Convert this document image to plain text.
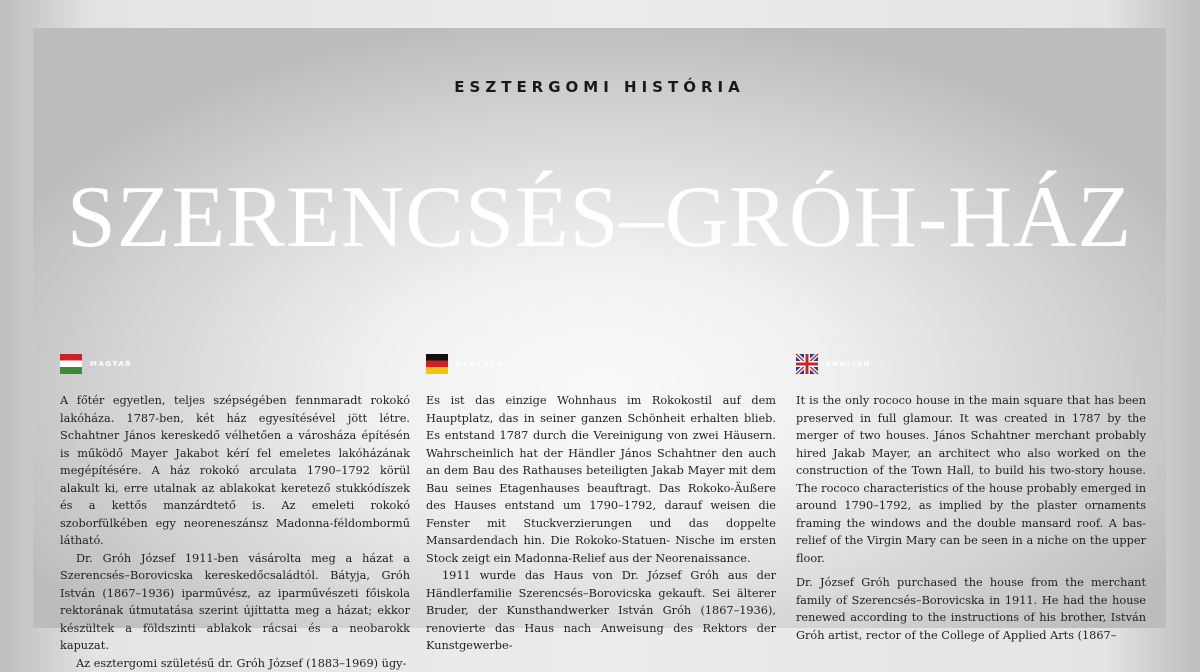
ESZTERGOMI HISTÓRIA
SZERENCSÉS–GRÓH-HÁZ
MAGYAR

A főtér egyetlen, teljes szépségében fennmaradt rokokó lakóháza. 1787-ben, két ház egyesítésével jött létre. Schahtner János kereskedő vélhetően a városháza építésén is működő Mayer Jakabot kérí fel emeletes lakóházának megépítésére. A ház rokokó arculata 1790–1792 körül alakult ki, erre utalnak az ablakokat keretező stukkódíszek és a kettős manzárdtető is. Az emeleti rokokó szoborfülkében egy neoreneszánsz Madonna-féldombormű látható.

Dr. Gróh József 1911-ben vásárolta meg a házat a Szerencsés–Borovicska kereskedőcsaládtól. Bátyja, Gróh István (1867–1936) iparművész, az iparművészeti főiskola rektorának útmutatása szerint újíttatta meg a házat; ekkor készültek a földszinti ablakok rácsai és a neobarokk kapuzat.

Az esztergomi születésű dr. Gróh József (1883–1969) ügy-

DEUTSCH

Es ist das einzige Wohnhaus im Rokokostil auf dem Hauptplatz, das in seiner ganzen Schönheit erhalten blieb. Es entstand 1787 durch die Vereinigung von zwei Häusern. Wahrscheinlich hat der Händler János Schahtner den auch an dem Bau des Rathauses beteiligten Jakab Mayer mit dem Bau seines Etagenhauses beauftragt. Das Rokoko-Äußere des Hauses entstand um 1790–1792, darauf weisen die Fenster mit Stuckverzierungen und das doppelte Mansardendach hin. Die Rokoko-Statuen- Nische im ersten Stock zeigt ein Madonna-Relief aus der Neorenaissance.

1911 wurde das Haus von Dr. József Gróh aus der Händlerfamilie Szerencsés–Borovicska gekauft. Sei älterer Bruder, der Kunsthandwerker István Gróh (1867–1936), renovierte das Haus nach Anweisung des Rektors der Kunstgewerbe-

ENGLISH

It is the only rococo house in the main square that has been preserved in full glamour. It was created in 1787 by the merger of two houses. János Schahtner merchant probably hired Jakab Mayer, an architect who also worked on the construction of the Town Hall, to build his two-story house. The rococo characteristics of the house probably emerged in around 1790–1792, as implied by the plaster ornaments framing the windows and the double mansard roof. A bas-relief of the Virgin Mary can be seen in a niche on the upper floor.

Dr. József Gróh purchased the house from the merchant family of Szerencsés–Borovicska in 1911. He had the house renewed according to the instructions of his brother, István Gróh artist, rector of the College of Applied Arts (1867–
